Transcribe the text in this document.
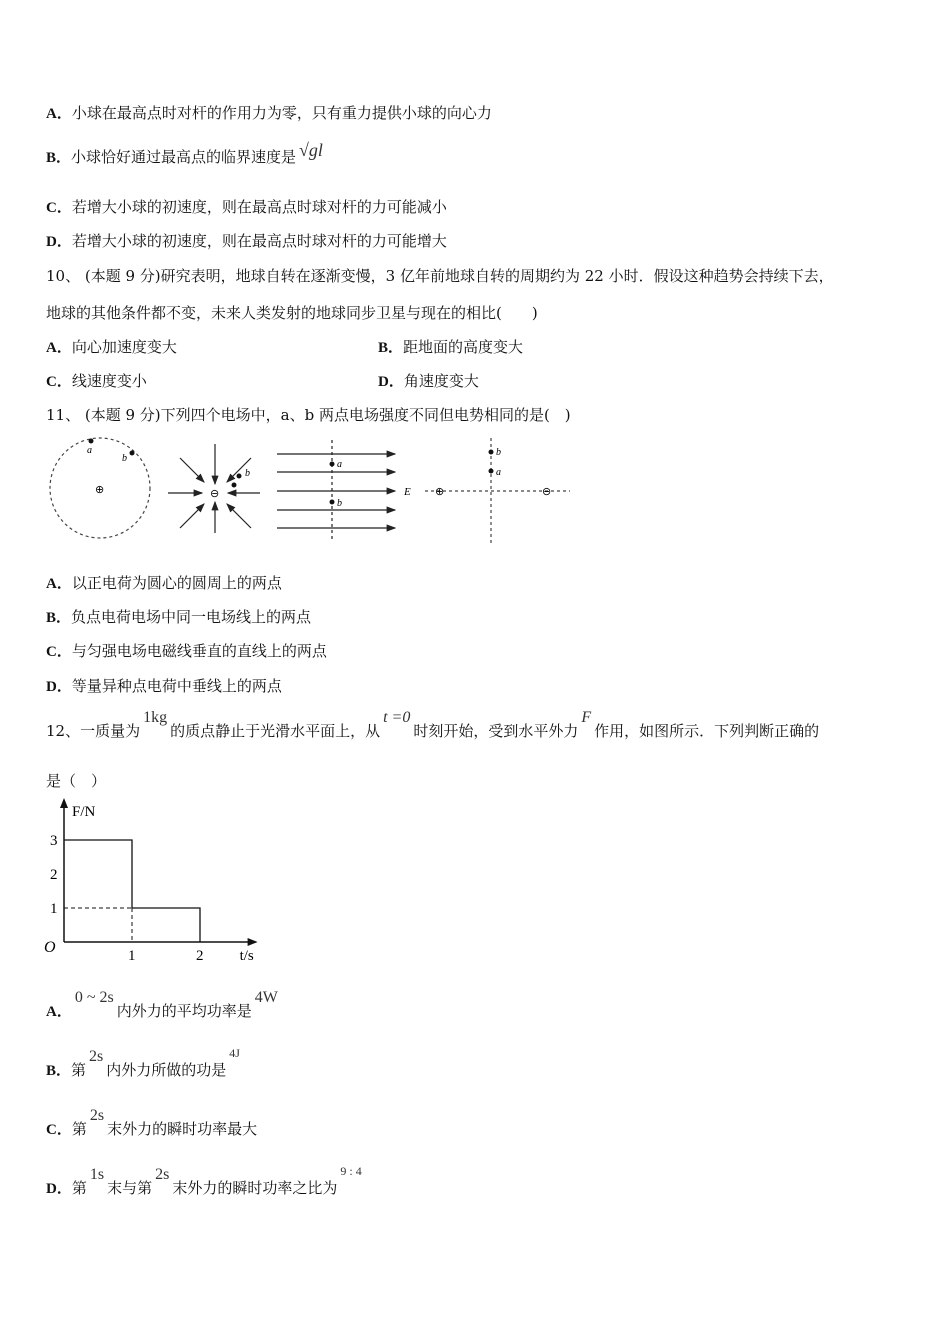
A．小球在最高点时对杆的作用力为零，只有重力提供小球的向心力
B．小球恰好通过最高点的临界速度是 √gl
C．若增大小球的初速度，则在最高点时球对杆的力可能减小
D．若增大小球的初速度，则在最高点时球对杆的力可能增大
10、 (本题 9 分)研究表明，地球自转在逐渐变慢，3 亿年前地球自转的周期约为 22 小时．假设这种趋势会持续下去，
地球的其他条件都不变，未来人类发射的地球同步卫星与现在的相比(　　)
A．向心加速度变大	B．距地面的高度变大
C．线速度变小	D．角速度变大
11、 (本题 9 分)下列四个电场中，a、b 两点电场强度不同但电势相同的是(　)
⊕
a
b
⊖
b
a
b
E ⊕	⊖
b
a
A．以正电荷为圆心的圆周上的两点
B．负点电荷电场中同一电场线上的两点
C．与匀强电场电磁线垂直的直线上的两点
D．等量异种点电荷中垂线上的两点
12、一质量为1kg的质点静止于光滑水平面上，从t =0时刻开始，受到水平外力F作用，如图所示．下列判断正确的
是（　）
1
2
3
1	2
O
F/N
t/s
A．0 ~ 2s内外力的平均功率是4W
B．第2s内外力所做的功是$^{4J}$
C．第2s末外力的瞬时功率最大
D．第1s末与第2s末外力的瞬时功率之比为$^{9 : 4}$
